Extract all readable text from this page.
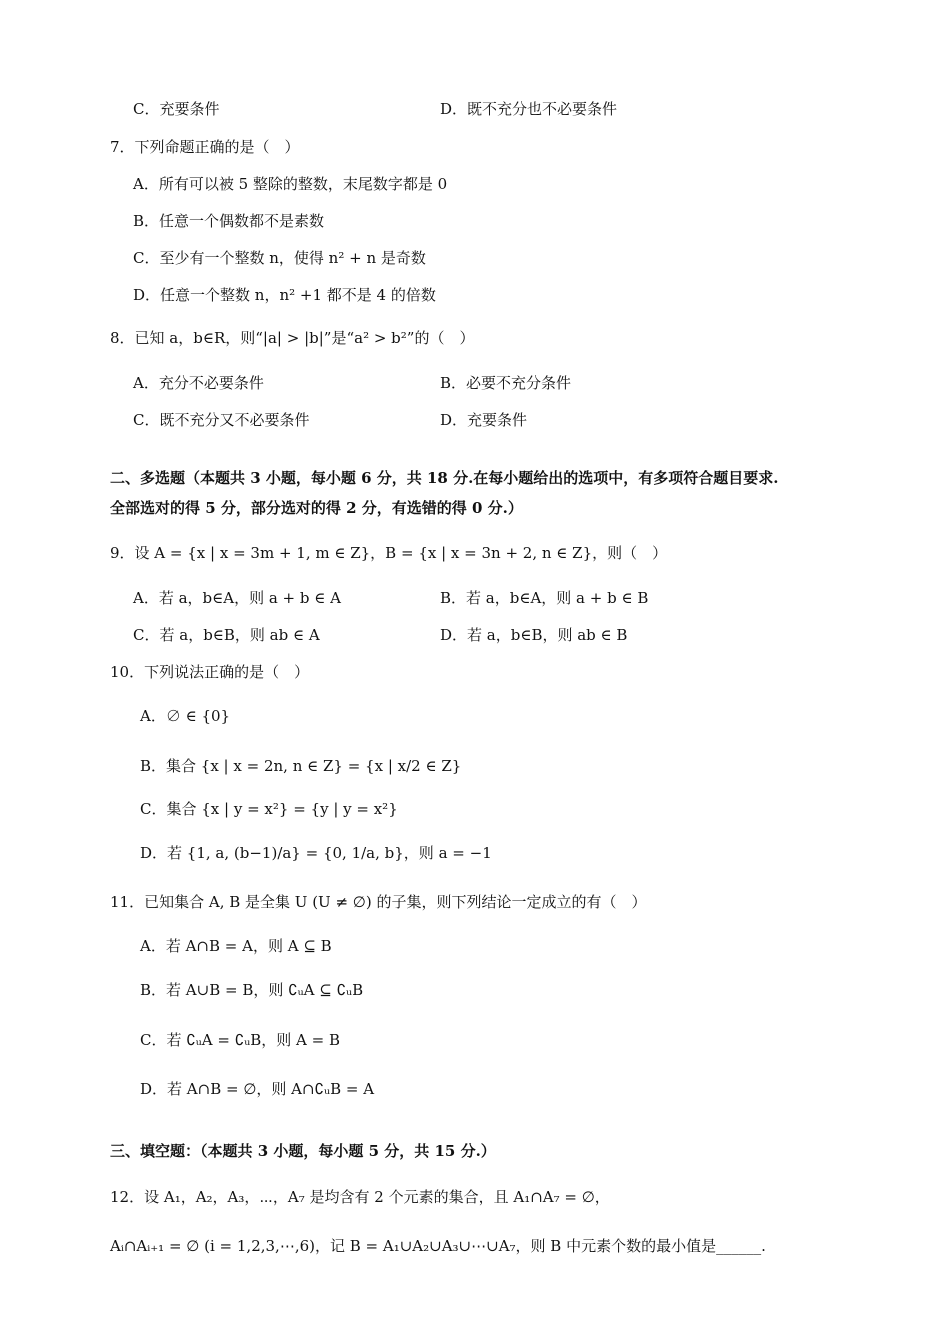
C．充要条件	D．既不充分也不必要条件
7．下列命题正确的是（　）
A．所有可以被 5 整除的整数，末尾数字都是 0
B．任意一个偶数都不是素数
C．至少有一个整数 n，使得 n² + n 是奇数
D．任意一个整数 n，n² +1 都不是 4 的倍数
8．已知 a，b∈R，则“|a| > |b|”是“a² > b²”的（　）
A．充分不必要条件	B．必要不充分条件
C．既不充分又不必要条件	D．充要条件
二、多选题（本题共 3 小题，每小题 6 分，共 18 分.在每小题给出的选项中，有多项符合题目要求.
全部选对的得 5 分，部分选对的得 2 分，有选错的得 0 分.）
9．设 A = {x | x = 3m + 1, m ∈ Z}，B = {x | x = 3n + 2, n ∈ Z}，则（　）
A．若 a，b∈A，则 a + b ∈ A	B．若 a，b∈A，则 a + b ∈ B
C．若 a，b∈B，则 ab ∈ A	D．若 a，b∈B，则 ab ∈ B
10．下列说法正确的是（　）
A．∅ ∈ {0}
B．集合 {x | x = 2n, n ∈ Z} = {x | x/2 ∈ Z}
C．集合 {x | y = x²} = {y | y = x²}
D．若 {1, a, (b−1)/a} = {0, 1/a, b}，则 a = −1
11．已知集合 A, B 是全集 U (U ≠ ∅) 的子集，则下列结论一定成立的有（　）
A．若 A∩B = A，则 A ⊆ B
B．若 A∪B = B，则 ∁ᵤA ⊆ ∁ᵤB
C．若 ∁ᵤA = ∁ᵤB，则 A = B
D．若 A∩B = ∅，则 A∩∁ᵤB = A
三、填空题：（本题共 3 小题，每小题 5 分，共 15 分.）
12．设 A₁，A₂，A₃，⋯，A₇ 是均含有 2 个元素的集合，且 A₁∩A₇ = ∅，
Aᵢ∩Aᵢ₊₁ = ∅ (i = 1,2,3,⋯,6)，记 B = A₁∪A₂∪A₃∪⋯∪A₇，则 B 中元素个数的最小值是______.
